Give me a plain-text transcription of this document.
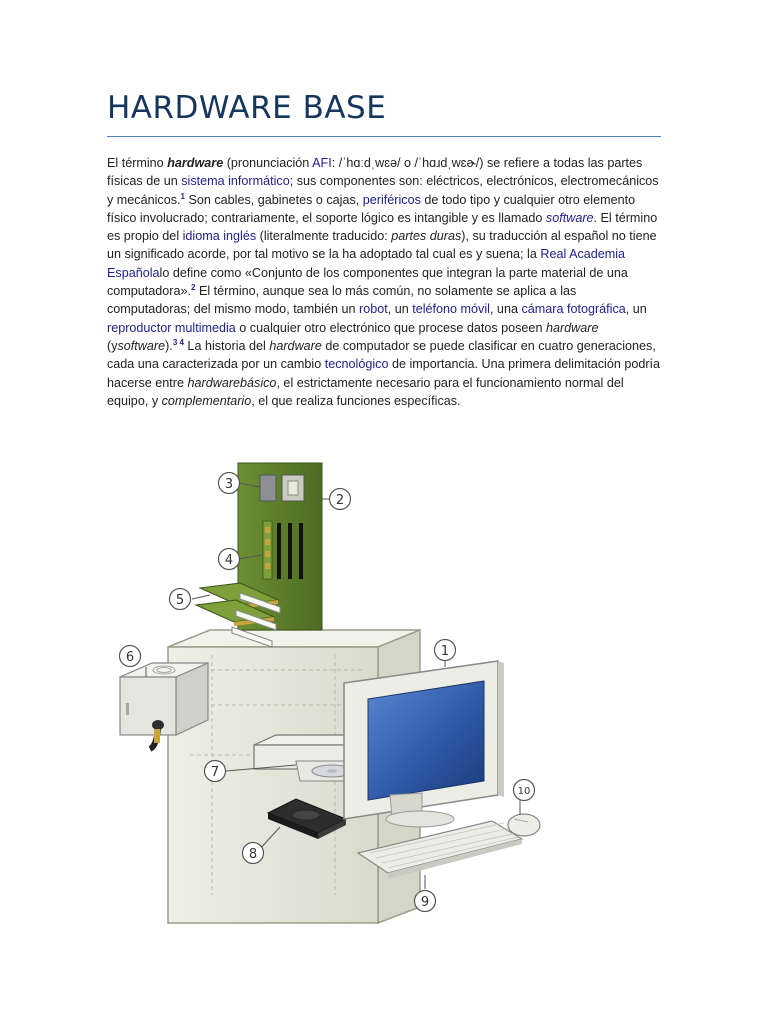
HARDWARE BASE

El término hardware (pronunciación AFI: /ˈhɑːdˌwɛə/ o /ˈhɑɹdˌwɛɚ/) se refiere a todas las partes físicas de un sistema informático; sus componentes son: eléctricos, electrónicos, electromecánicos y mecánicos.$^1$ Son cables, gabinetes o cajas, periféricos de todo tipo y cualquier otro elemento físico involucrado; contrariamente, el soporte lógico es intangible y es llamado software. El término es propio del idioma inglés (literalmente traducido: partes duras), su traducción al español no tiene un significado acorde, por tal motivo se la ha adoptado tal cual es y suena; la Real Academia Españolalo define como «Conjunto de los componentes que integran la parte material de una computadora».$^2$ El término, aunque sea lo más común, no solamente se aplica a las computadoras; del mismo modo, también un robot, un teléfono móvil, una cámara fotográfica, un reproductor multimedia o cualquier otro electrónico que procese datos poseen hardware (ysoftware).$^{3 4}$ La historia del hardware de computador se puede clasificar en cuatro generaciones, cada una caracterizada por un cambio tecnológico de importancia. Una primera delimitación podría hacerse entre hardwarebásico, el estrictamente necesario para el funcionamiento normal del equipo, y complementario, el que realiza funciones específicas.

1
2
3
4
5
6
7
8
9
10
